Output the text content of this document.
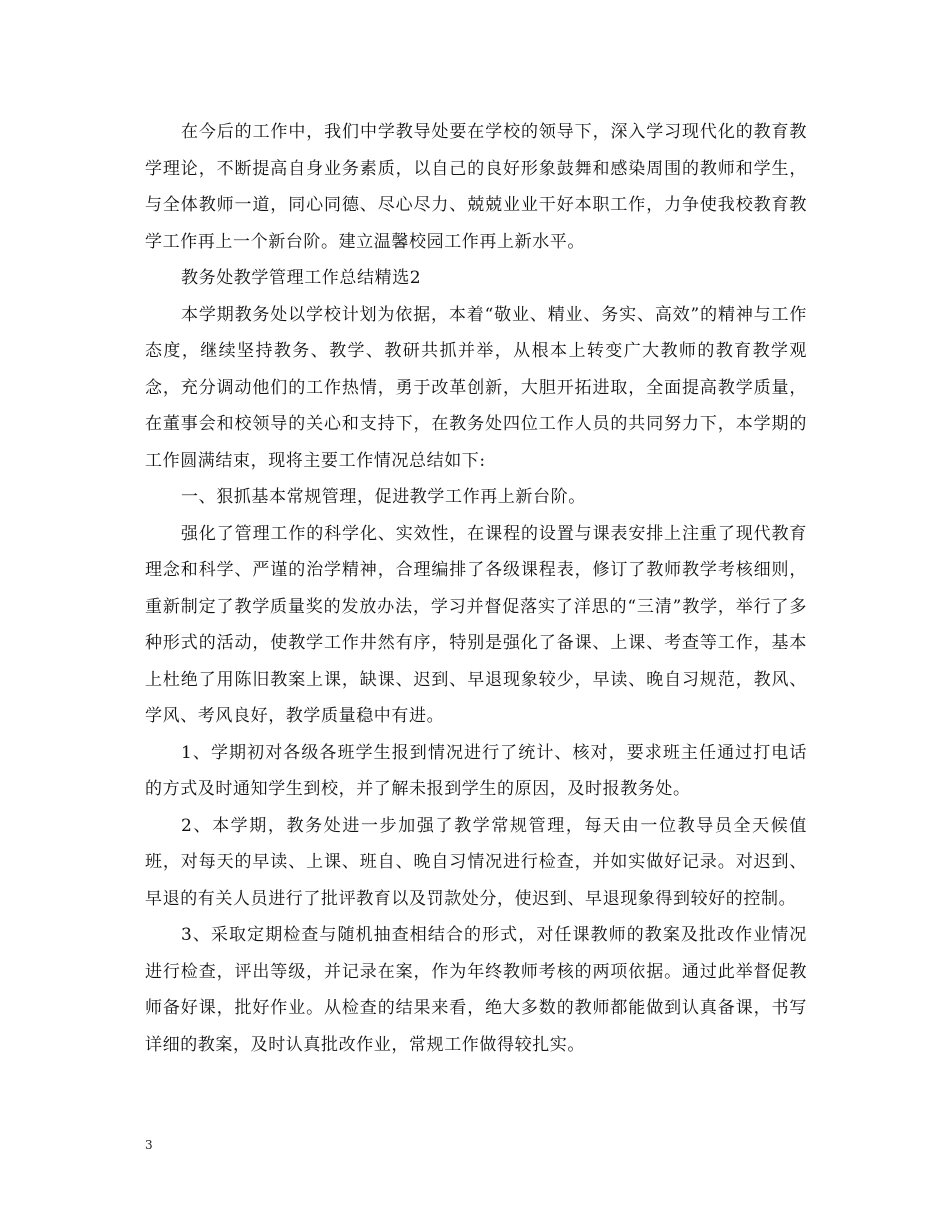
在今后的工作中，我们中学教导处要在学校的领导下，深入学习现代化的教育教学理论，不断提高自身业务素质，以自己的良好形象鼓舞和感染周围的教师和学生，与全体教师一道，同心同德、尽心尽力、兢兢业业干好本职工作，力争使我校教育教学工作再上一个新台阶。建立温馨校园工作再上新水平。

教务处教学管理工作总结精选2

本学期教务处以学校计划为依据，本着“敬业、精业、务实、高效”的精神与工作态度，继续坚持教务、教学、教研共抓并举，从根本上转变广大教师的教育教学观念，充分调动他们的工作热情，勇于改革创新，大胆开拓进取，全面提高教学质量，在董事会和校领导的关心和支持下，在教务处四位工作人员的共同努力下，本学期的工作圆满结束，现将主要工作情况总结如下:

一、狠抓基本常规管理，促进教学工作再上新台阶。

强化了管理工作的科学化、实效性，在课程的设置与课表安排上注重了现代教育理念和科学、严谨的治学精神，合理编排了各级课程表，修订了教师教学考核细则，重新制定了教学质量奖的发放办法，学习并督促落实了洋思的“三清”教学，举行了多种形式的活动，使教学工作井然有序，特别是强化了备课、上课、考查等工作，基本上杜绝了用陈旧教案上课，缺课、迟到、早退现象较少，早读、晚自习规范，教风、学风、考风良好，教学质量稳中有进。

1、学期初对各级各班学生报到情况进行了统计、核对，要求班主任通过打电话的方式及时通知学生到校，并了解未报到学生的原因，及时报教务处。

2、本学期，教务处进一步加强了教学常规管理，每天由一位教导员全天候值班，对每天的早读、上课、班自、晚自习情况进行检查，并如实做好记录。对迟到、早退的有关人员进行了批评教育以及罚款处分，使迟到、早退现象得到较好的控制。

3、采取定期检查与随机抽查相结合的形式，对任课教师的教案及批改作业情况进行检查，评出等级，并记录在案，作为年终教师考核的两项依据。通过此举督促教师备好课，批好作业。从检查的结果来看，绝大多数的教师都能做到认真备课，书写详细的教案，及时认真批改作业，常规工作做得较扎实。

3
